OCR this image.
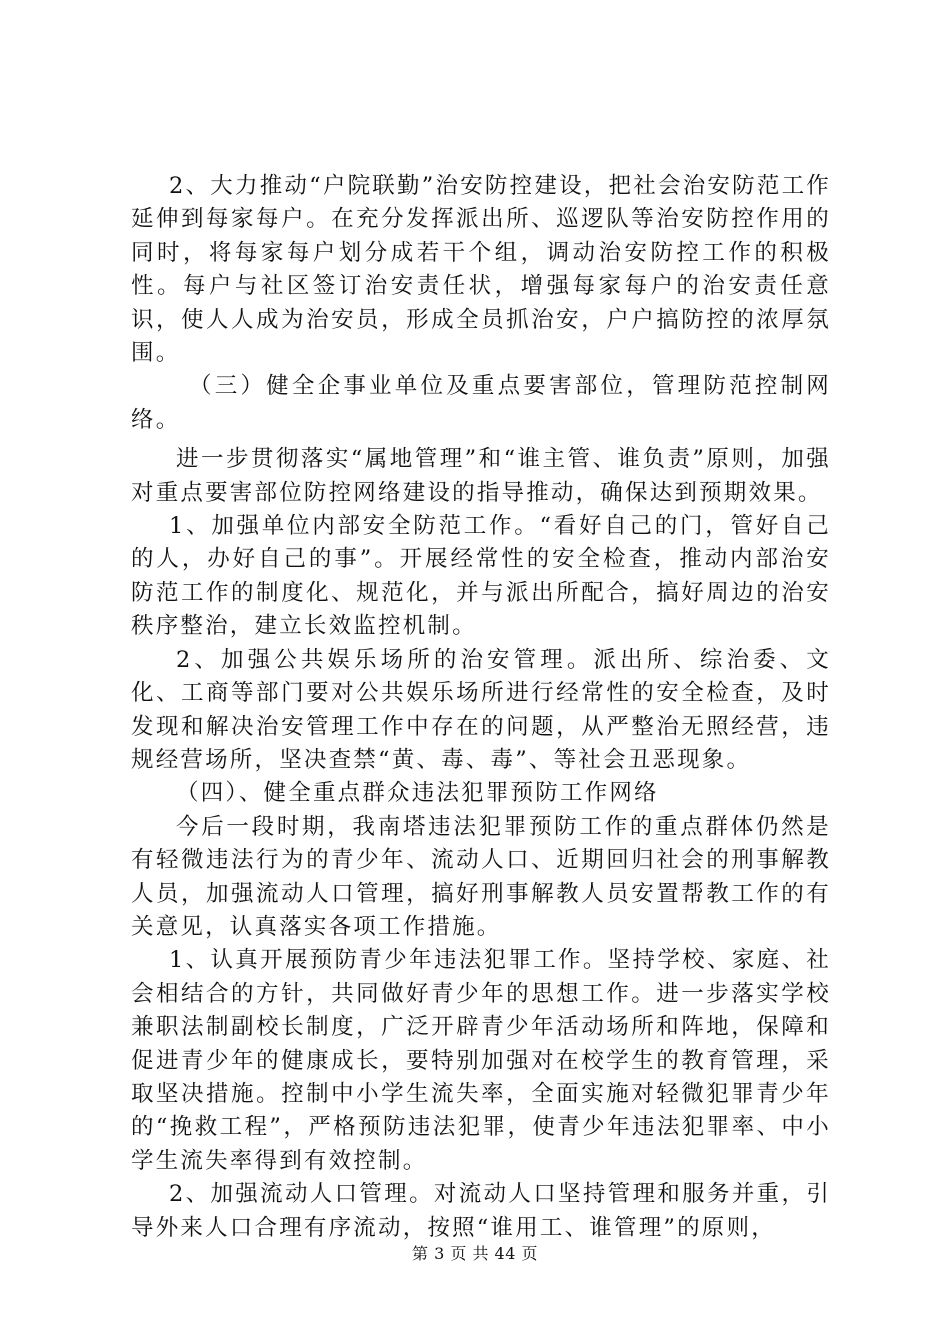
2、大力推动“户院联勤”治安防控建设，把社会治安防范工作延伸到每家每户。在充分发挥派出所、巡逻队等治安防控作用的同时，将每家每户划分成若干个组，调动治安防控工作的积极性。每户与社区签订治安责任状，增强每家每户的治安责任意识，使人人成为治安员，形成全员抓治安，户户搞防控的浓厚氛围。

（三）健全企事业单位及重点要害部位，管理防范控制网络。

进一步贯彻落实“属地管理”和“谁主管、谁负责”原则，加强对重点要害部位防控网络建设的指导推动，确保达到预期效果。

1、加强单位内部安全防范工作。“看好自己的门，管好自己的人，办好自己的事”。开展经常性的安全检查，推动内部治安防范工作的制度化、规范化，并与派出所配合，搞好周边的治安秩序整治，建立长效监控机制。

2、加强公共娱乐场所的治安管理。派出所、综治委、文化、工商等部门要对公共娱乐场所进行经常性的安全检查，及时发现和解决治安管理工作中存在的问题，从严整治无照经营，违规经营场所，坚决查禁“黄、毒、毒”、等社会丑恶现象。

（四）、健全重点群众违法犯罪预防工作网络

今后一段时期，我南塔违法犯罪预防工作的重点群体仍然是有轻微违法行为的青少年、流动人口、近期回归社会的刑事解教人员，加强流动人口管理，搞好刑事解教人员安置帮教工作的有关意见，认真落实各项工作措施。

1、认真开展预防青少年违法犯罪工作。坚持学校、家庭、社会相结合的方针，共同做好青少年的思想工作。进一步落实学校兼职法制副校长制度，广泛开辟青少年活动场所和阵地，保障和促进青少年的健康成长，要特别加强对在校学生的教育管理，采取坚决措施。控制中小学生流失率，全面实施对轻微犯罪青少年的“挽救工程”，严格预防违法犯罪，使青少年违法犯罪率、中小学生流失率得到有效控制。

2、加强流动人口管理。对流动人口坚持管理和服务并重，引导外来人口合理有序流动，按照“谁用工、谁管理”的原则，

第 3 页 共 44 页
